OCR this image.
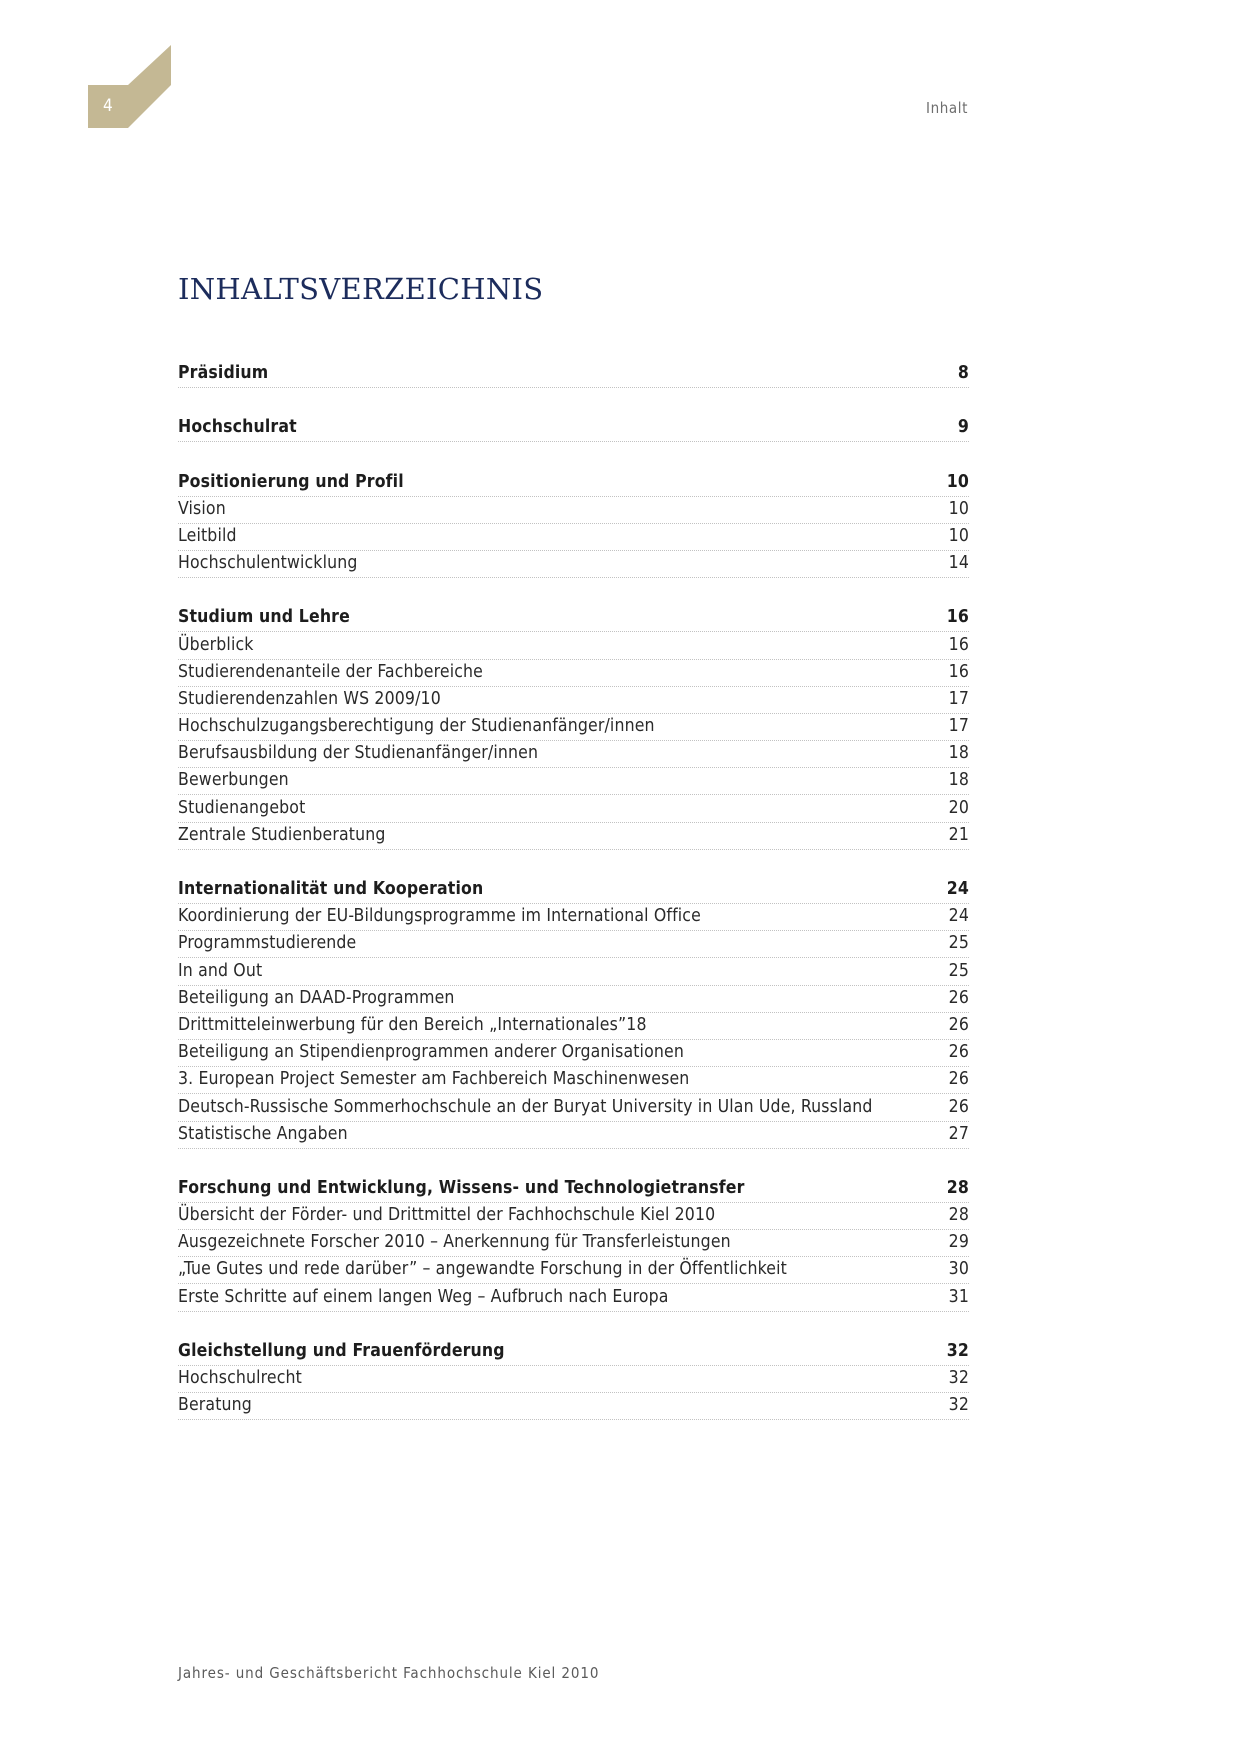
4	Inhalt
INHALTSVERZEICHNIS
Präsidium	8
Hochschulrat	9
Positionierung und Profil	10
Vision	10
Leitbild	10
Hochschulentwicklung	14
Studium und Lehre	16
Überblick	16
Studierendenanteile der Fachbereiche	16
Studierendenzahlen WS 2009/10	17
Hochschulzugangsberechtigung der Studienanfänger/innen	17
Berufsausbildung der Studienanfänger/innen	18
Bewerbungen	18
Studienangebot	20
Zentrale Studienberatung	21
Internationalität und Kooperation	24
Koordinierung der EU-Bildungsprogramme im International Office	24
Programmstudierende	25
In and Out	25
Beteiligung an DAAD-Programmen	26
Drittmitteleinwerbung für den Bereich „Internationales”18	26
Beteiligung an Stipendienprogrammen anderer Organisationen	26
3. European Project Semester am Fachbereich Maschinenwesen	26
Deutsch-Russische Sommerhochschule an der Buryat University in Ulan Ude, Russland	26
Statistische Angaben	27
Forschung und Entwicklung, Wissens- und Technologietransfer	28
Übersicht der Förder- und Drittmittel der Fachhochschule Kiel 2010	28
Ausgezeichnete Forscher 2010 – Anerkennung für Transferleistungen	29
„Tue Gutes und rede darüber” – angewandte Forschung in der Öffentlichkeit	30
Erste Schritte auf einem langen Weg – Aufbruch nach Europa	31
Gleichstellung und Frauenförderung	32
Hochschulrecht	32
Beratung	32
Jahres- und Geschäftsbericht Fachhochschule Kiel 2010
